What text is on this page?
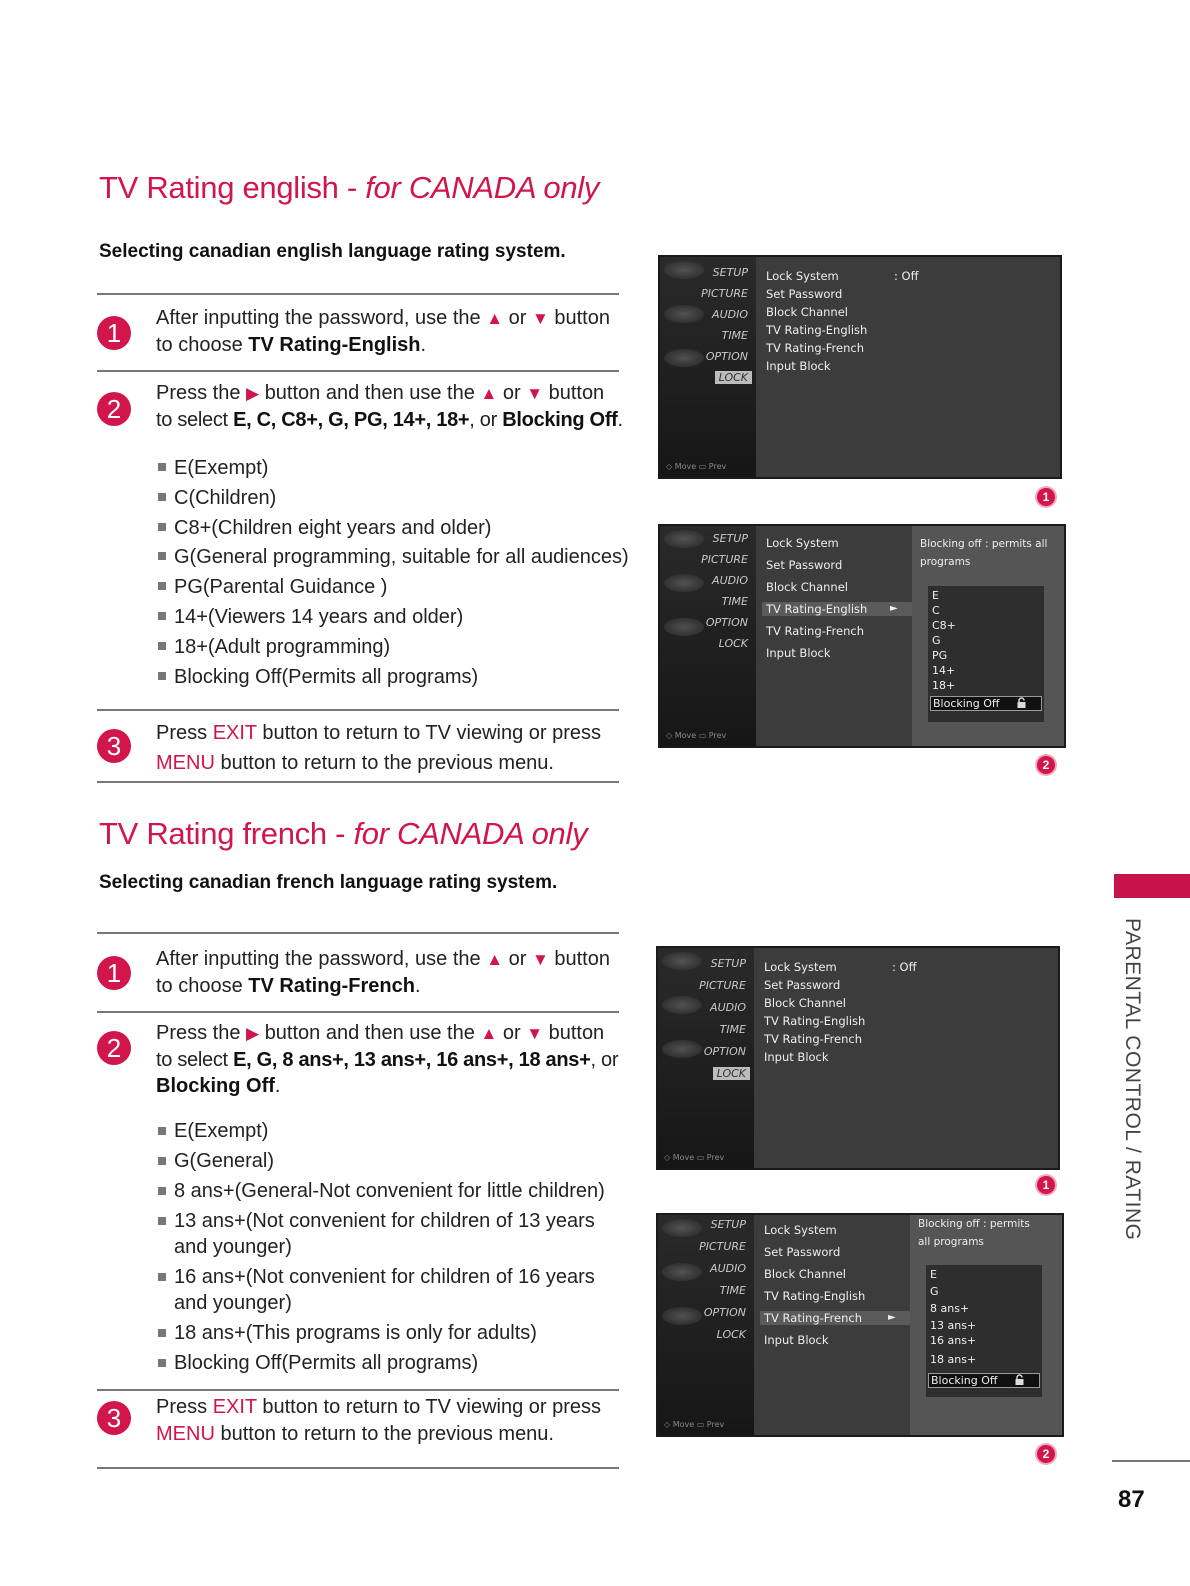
TV Rating english - for CANADA only
Selecting canadian english language rating system.
1	After inputting the password, use the ▲ or ▼ button
to choose TV Rating-English.
2
Press the ▶ button and then use the ▲ or ▼ button
to select E, C, C8+, G, PG, 14+, 18+, or Blocking Off.
E(Exempt)
C(Children)
C8+(Children eight years and older)
G(General programming, suitable for all audiences)
PG(Parental Guidance )
14+(Viewers 14 years and older)
18+(Adult programming)
Blocking Off(Permits all programs)
3	Press EXIT button to return to TV viewing or press
MENU button to return to the previous menu.
SETUP
PICTURE
AUDIO
TIME
OPTION
LOCK
◇ Move ▭ Prev
Lock System
Set Password
Block Channel
TV Rating-English
TV Rating-French
Input Block
: Off
1
SETUP
PICTURE
AUDIO
TIME
OPTION
LOCK
◇ Move ▭ Prev
Lock System
Set Password
Block Channel
TV Rating-English
TV Rating-French
Input Block
►
Blocking off : permits all
programs
E
C
C8+
G
PG
14+
18+
Blocking Off
2
TV Rating french - for CANADA only
Selecting canadian french language rating system.
1	After inputting the password, use the ▲ or ▼ button
to choose TV Rating-French.
2	Press the ▶ button and then use the ▲ or ▼ button
to select E, G, 8 ans+, 13 ans+, 16 ans+, 18 ans+, or
Blocking Off.
E(Exempt)
G(General)
8 ans+(General-Not convenient for little children)
13 ans+(Not convenient for children of 13 years and younger)
16 ans+(Not convenient for children of 16 years and younger)
18 ans+(This programs is only for adults)
Blocking Off(Permits all programs)
3	Press EXIT button to return to TV viewing or press
MENU button to return to the previous menu.
SETUP
PICTURE
AUDIO
TIME
OPTION
LOCK
◇ Move ▭ Prev
Lock System
Set Password
Block Channel
TV Rating-English
TV Rating-French
Input Block
: Off
1
SETUP
PICTURE
AUDIO
TIME
OPTION
LOCK
◇ Move ▭ Prev
Lock System
Set Password
Block Channel
TV Rating-English
TV Rating-French
Input Block
►
Blocking off : permits
all programs
E
G
8 ans+
13 ans+
16 ans+
18 ans+
Blocking Off
2
PARENTAL CONTROL / RATING
87
